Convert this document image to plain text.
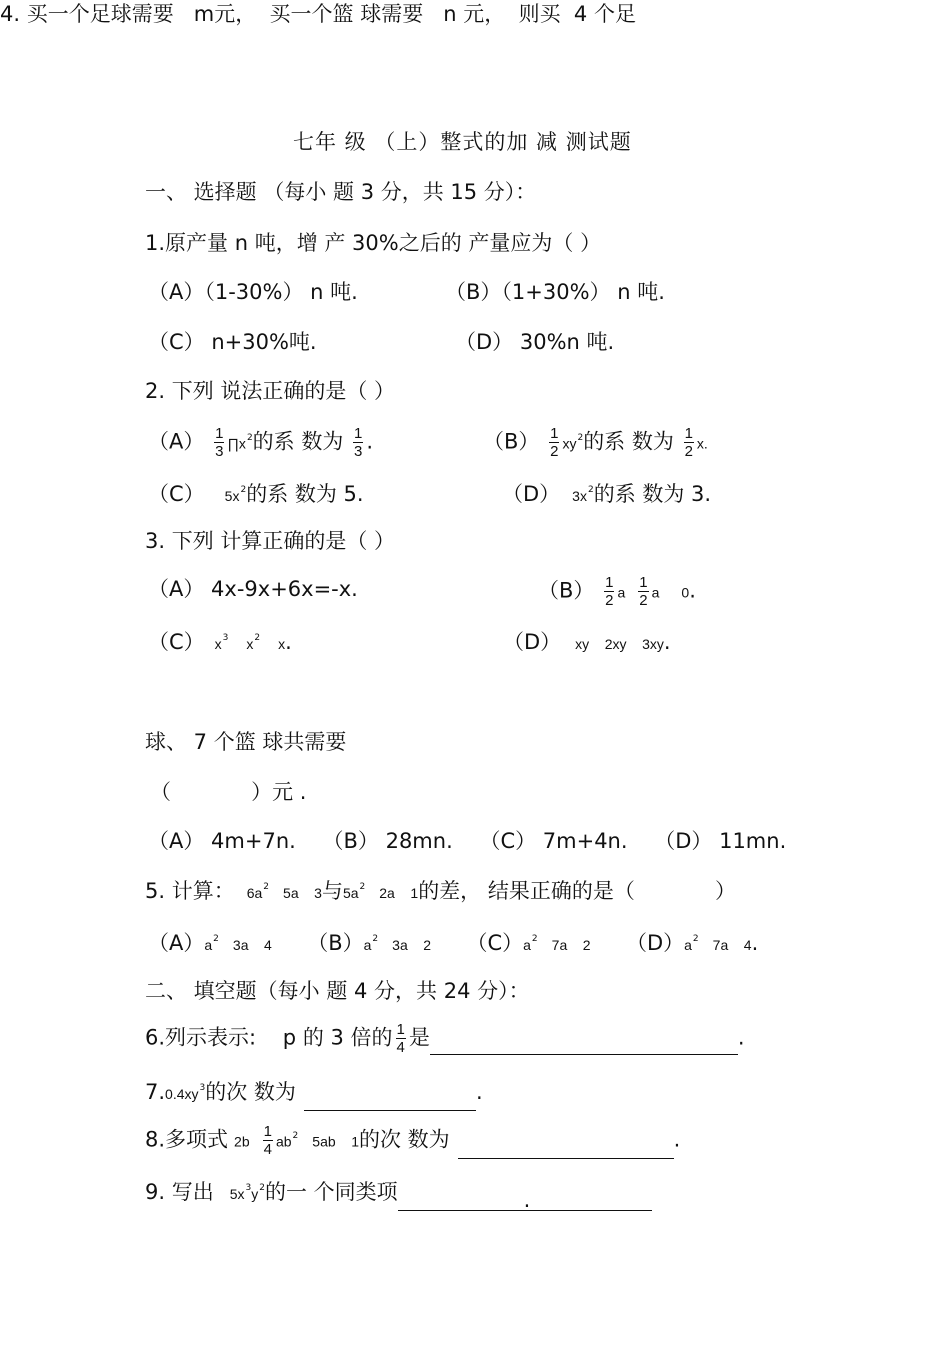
七年 级 （上）整式的加 减 测试题
一、 选择题 （每小 题 3 分，共 15 分）：
1.原产量 n 吨，增 产 30%之后的 产量应为（ ）
（A）（1-30%） n 吨.	（B）（1+30%） n 吨.
（C） n+30%吨.	（D） 30%n 吨.
2. 下列 说法正确的是（ ）
$(A) \frac{1}{3}$ $\prod x^2$的系 数为 $\frac{1}{3}$ .	$(B) \frac{1}{2} xy^2$的系 数为 $\frac{1}{2} x$.
（C） $5x^2$的系 数为 5.	（D） $3x^2$的系 数为 3.
3. 下列 计算正确的是（ ）
（A） 4x-9x+6x=-x.	$(B) \frac{1}{2}$ a $\frac{1}{2}$ a 0.
（C） $x^3$ $x^2$ x.	（D） xy    2xy    3xy.
4. 买一个足球需要   m元，  买一个篮 球需要   n 元，  则买  4 个足
球、 7 个篮 球共需要
（            ）元 .
（A） 4m+7n.    （B） 28mn.    （C） 7m+4n.    （D） 11mn.
5. 计算： $6a^2$ 5a    3与$5a^2$ 2a    1的差， 结果正确的是（            ）
$(A)a^2$ 3a    4 $(B)a^2$ 3a    2 $(C)a^2$ 7a    2 $(D)a^2$ 7a    4.
二、 填空题（每小 题 4 分，共 24 分）：
6.列示表示:    p 的 3 倍的 $\frac{1}{4}$ 是	.
$7.0.4xy^3$的次 数为	.
8.多项式 $2b \frac{1}{4} ab^2$ 5ab    1的次 数为	.
9. 写出 $5x^3y^2$的一 个同类项	.
